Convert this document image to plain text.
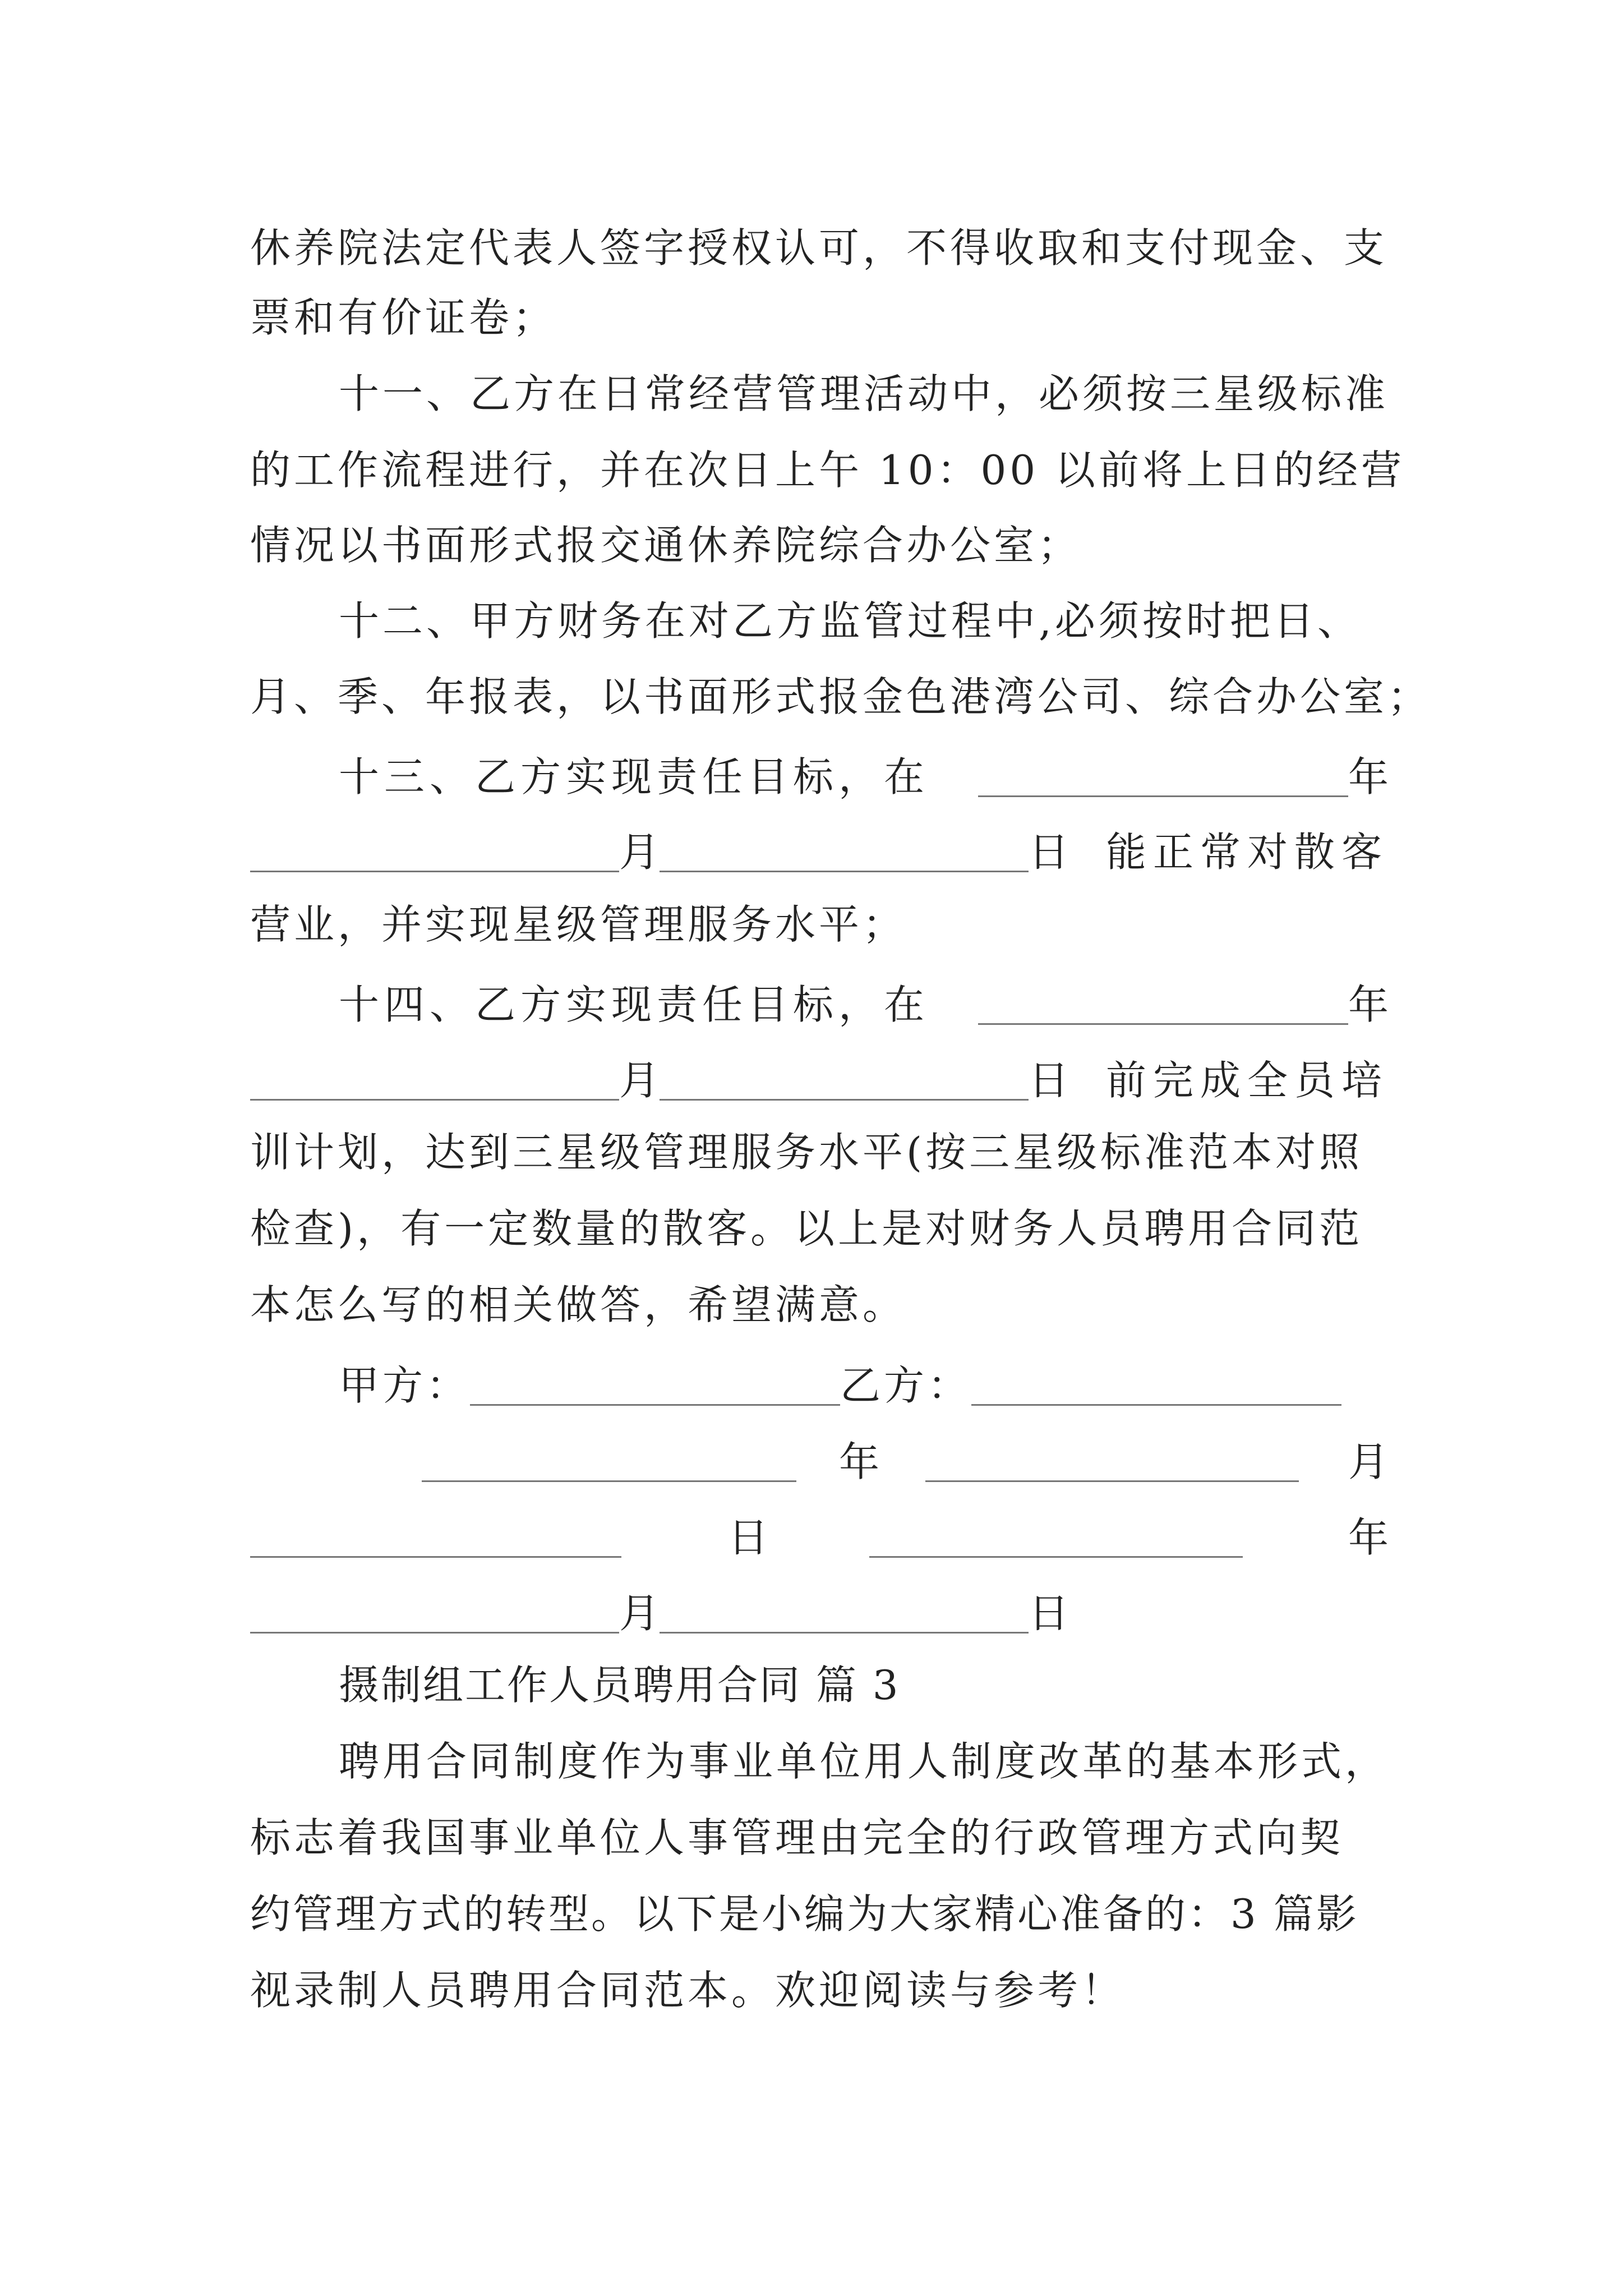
休养院法定代表人签字授权认可，不得收取和支付现金、支
票和有价证卷；
十一、乙方在日常经营管理活动中，必须按三星级标准
的工作流程进行，并在次日上午 10：00 以前将上日的经营
情况以书面形式报交通休养院综合办公室；
十二、甲方财务在对乙方监管过程中,必须按时把日、
月、季、年报表，以书面形式报金色港湾公司、综合办公室；
十三、乙方实现责任目标，在	年
月	日 能正常对散客
营业，并实现星级管理服务水平；
十四、乙方实现责任目标，在	年
月	日 前完成全员培
训计划，达到三星级管理服务水平(按三星级标准范本对照
检查)，有一定数量的散客。以上是对财务人员聘用合同范
本怎么写的相关做答，希望满意。
甲方：	乙方：
年	月
日	年
月	日
摄制组工作人员聘用合同 篇 3
聘用合同制度作为事业单位用人制度改革的基本形式，
标志着我国事业单位人事管理由完全的行政管理方式向契
约管理方式的转型。以下是小编为大家精心准备的：3 篇影
视录制人员聘用合同范本。欢迎阅读与参考！
